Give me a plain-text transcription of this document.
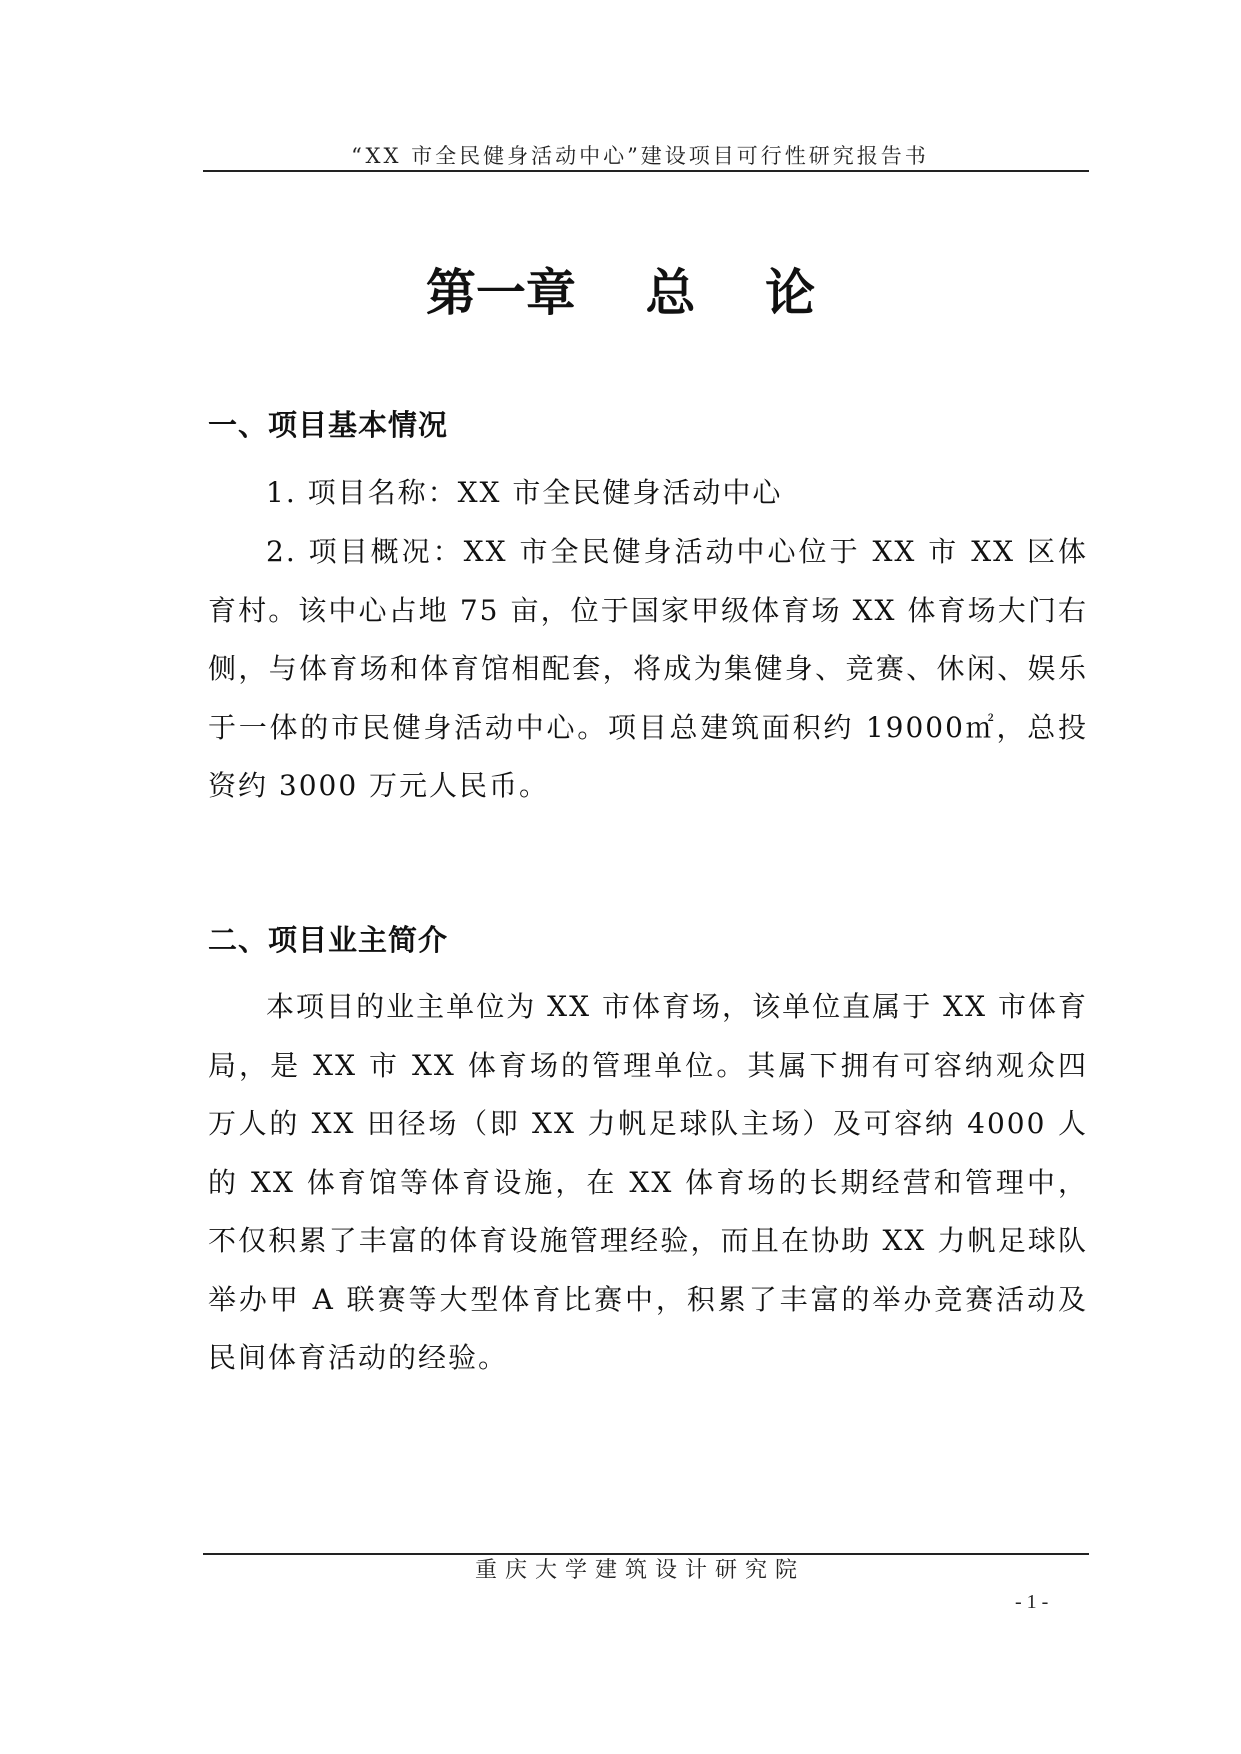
“XX 市全民健身活动中心”建设项目可行性研究报告书
第一章    总    论
一、项目基本情况

1. 项目名称：XX 市全民健身活动中心

2. 项目概况：XX 市全民健身活动中心位于 XX 市 XX 区体育村。该中心占地 75 亩，位于国家甲级体育场 XX 体育场大门右侧，与体育场和体育馆相配套，将成为集健身、竞赛、休闲、娱乐于一体的市民健身活动中心。项目总建筑面积约 19000㎡，总投资约 3000 万元人民币。

二、项目业主简介

本项目的业主单位为 XX 市体育场，该单位直属于 XX 市体育局，是 XX 市 XX 体育场的管理单位。其属下拥有可容纳观众四万人的 XX 田径场（即 XX 力帆足球队主场）及可容纳 4000 人的 XX 体育馆等体育设施，在 XX 体育场的长期经营和管理中，不仅积累了丰富的体育设施管理经验，而且在协助 XX 力帆足球队举办甲 A 联赛等大型体育比赛中，积累了丰富的举办竞赛活动及民间体育活动的经验。

重庆大学建筑设计研究院
- 1 -
